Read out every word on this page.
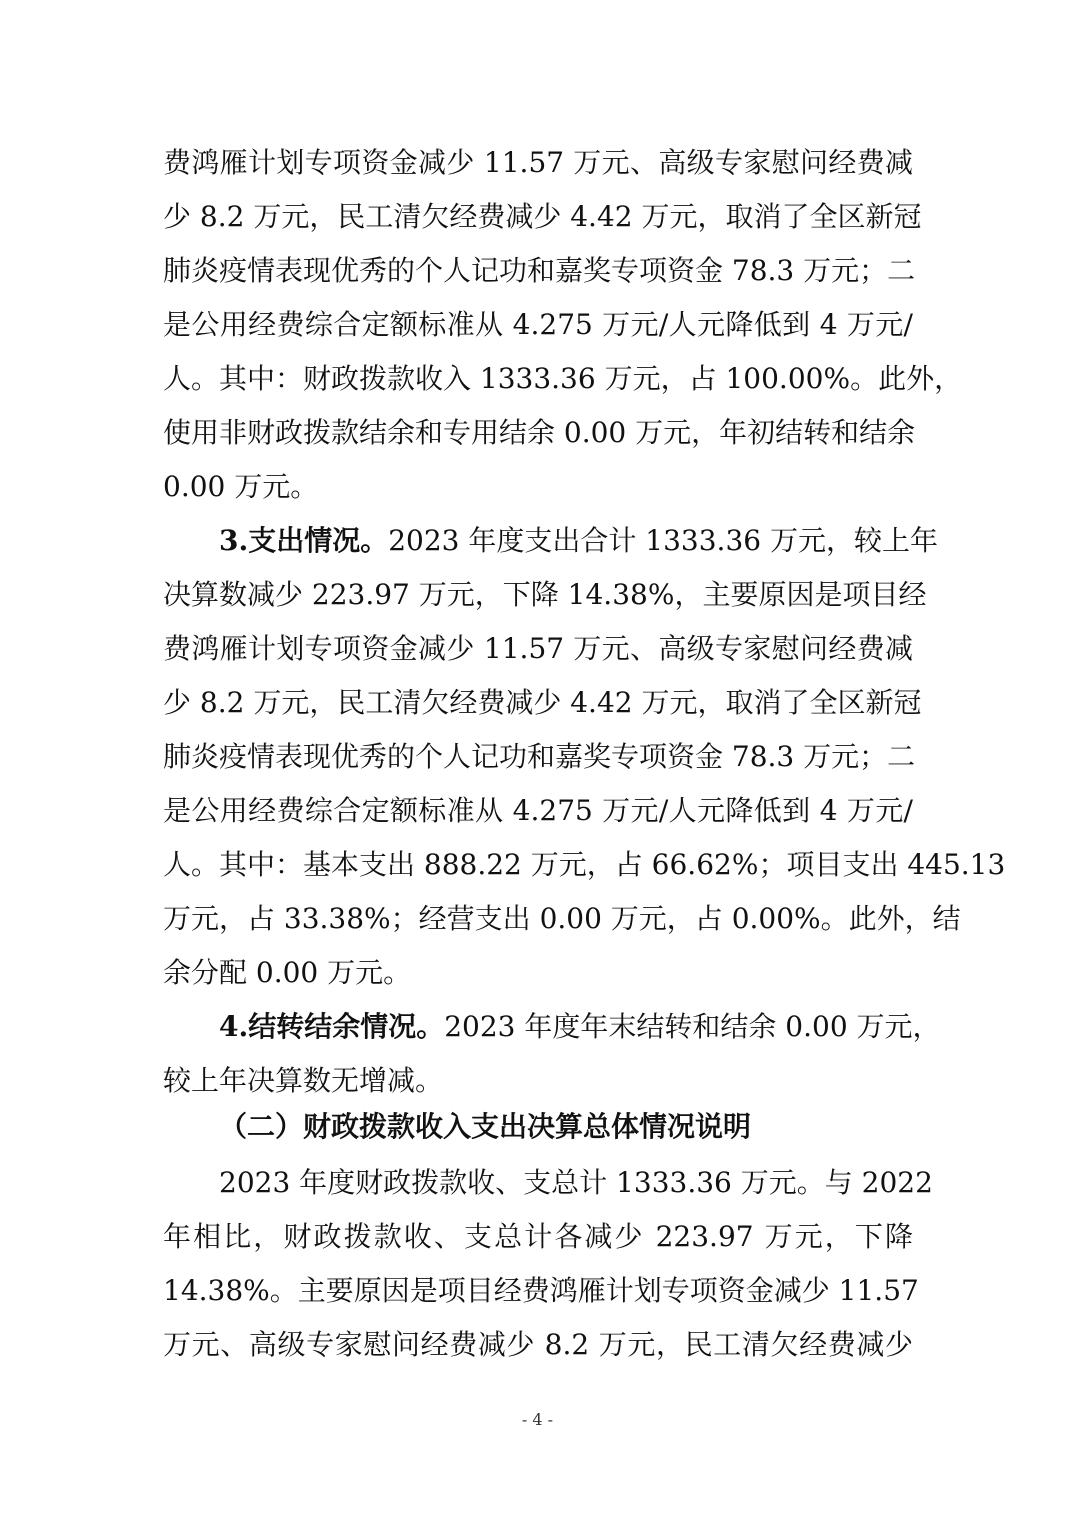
费鸿雁计划专项资金减少 11.57 万元、高级专家慰问经费减
少 8.2 万元，民工清欠经费减少 4.42 万元，取消了全区新冠
肺炎疫情表现优秀的个人记功和嘉奖专项资金 78.3 万元；二
是公用经费综合定额标准从 4.275 万元/人元降低到 4 万元/
人。其中：财政拨款收入 1333.36 万元，占 100.00%。此外，
使用非财政拨款结余和专用结余 0.00 万元，年初结转和结余
0.00 万元。
3.支出情况。2023 年度支出合计 1333.36 万元，较上年
决算数减少 223.97 万元，下降 14.38%，主要原因是项目经
费鸿雁计划专项资金减少 11.57 万元、高级专家慰问经费减
少 8.2 万元，民工清欠经费减少 4.42 万元，取消了全区新冠
肺炎疫情表现优秀的个人记功和嘉奖专项资金 78.3 万元；二
是公用经费综合定额标准从 4.275 万元/人元降低到 4 万元/
人。其中：基本支出 888.22 万元，占 66.62%；项目支出 445.13
万元，占 33.38%；经营支出 0.00 万元，占 0.00%。此外，结
余分配 0.00 万元。
4.结转结余情况。2023 年度年末结转和结余 0.00 万元，
较上年决算数无增减。
（二）财政拨款收入支出决算总体情况说明
2023 年度财政拨款收、支总计 1333.36 万元。与 2022
年相比，财政拨款收、支总计各减少 223.97 万元，下降
14.38%。主要原因是项目经费鸿雁计划专项资金减少 11.57
万元、高级专家慰问经费减少 8.2 万元，民工清欠经费减少
- 4 -
